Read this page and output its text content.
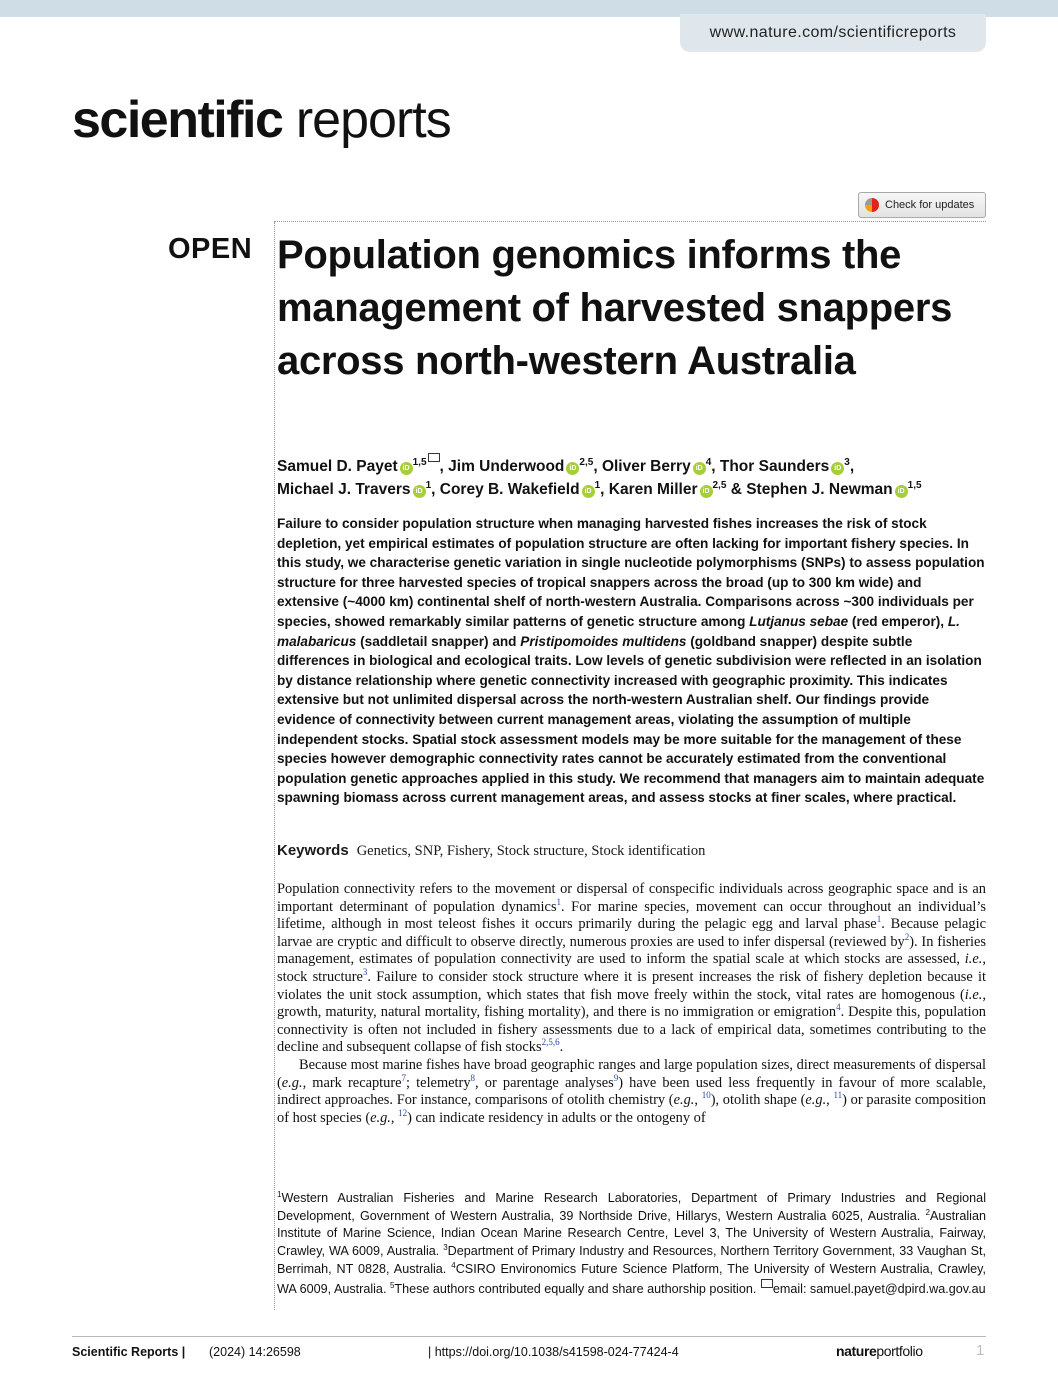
www.nature.com/scientificreports
scientific reports
Check for updates
OPEN Population genomics informs the management of harvested snappers across north-western Australia
Samuel D. Payet iD$^{1,5}$ , Jim Underwood iD$^{2,5}$, Oliver Berry $iD^4$, Thor Saunders $iD^3$,
Michael J. Travers $iD^1$, Corey B. Wakefield $iD^1$, Karen Miller iD$^{2,5}$ & Stephen J. Newman iD$^{1,5}$
Failure to consider population structure when managing harvested fishes increases the risk of stock depletion, yet empirical estimates of population structure are often lacking for important fishery species. In this study, we characterise genetic variation in single nucleotide polymorphisms (SNPs) to assess population structure for three harvested species of tropical snappers across the broad (up to 300 km wide) and extensive (~4000 km) continental shelf of north-western Australia. Comparisons across ~300 individuals per species, showed remarkably similar patterns of genetic structure among Lutjanus sebae (red emperor), L. malabaricus (saddletail snapper) and Pristipomoides multidens (goldband snapper) despite subtle differences in biological and ecological traits. Low levels of genetic subdivision were reflected in an isolation by distance relationship where genetic connectivity increased with geographic proximity. This indicates extensive but not unlimited dispersal across the north-western Australian shelf. Our findings provide evidence of connectivity between current management areas, violating the assumption of multiple independent stocks. Spatial stock assessment models may be more suitable for the management of these species however demographic connectivity rates cannot be accurately estimated from the conventional population genetic approaches applied in this study. We recommend that managers aim to maintain adequate spawning biomass across current management areas, and assess stocks at finer scales, where practical.
Keywords Genetics, SNP, Fishery, Stock structure, Stock identification

Population connectivity refers to the movement or dispersal of conspecific individuals across geographic space and is an important determinant of population dynamics$^1$. For marine species, movement can occur throughout an individual’s lifetime, although in most teleost fishes it occurs primarily during the pelagic egg and larval phase$^1$. Because pelagic larvae are cryptic and difficult to observe directly, numerous proxies are used to infer dispersal (reviewed $by^2$). In fisheries management, estimates of population connectivity are used to inform the spatial scale at which stocks are assessed, i.e., stock structure$^3$. Failure to consider stock structure where it is present increases the risk of fishery depletion because it violates the unit stock assumption, which states that fish move freely within the stock, vital rates are homogenous (i.e., growth, maturity, natural mortality, fishing mortality), and there is no immigration or emigration$^4$. Despite this, population connectivity is often not included in fishery assessments due to a lack of empirical data, sometimes contributing to the decline and subsequent collapse of fish stocks$^{2,5,6}$.

Because most marine fishes have broad geographic ranges and large population sizes, direct measurements of dispersal (e.g., mark recapture$^7$; telemetry$^8$, or parentage analyses$^9$) have been used less frequently in favour of more scalable, indirect approaches. For instance, comparisons of otolith chemistry (e.g., $^{10}$), otolith shape (e.g., $^{11}$) or parasite composition of host species (e.g., $^{12}$) can indicate residency in adults or the ontogeny of

$^1$Western Australian Fisheries and Marine Research Laboratories, Department of Primary Industries and Regional Development, Government of Western Australia, 39 Northside Drive, Hillarys, Western Australia 6025, Australia. $^2$Australian Institute of Marine Science, Indian Ocean Marine Research Centre, Level 3, The University of Western Australia, Fairway, Crawley, WA 6009, Australia. $^3$Department of Primary Industry and Resources, Northern Territory Government, 33 Vaughan St, Berrimah, NT 0828, Australia. $^4$CSIRO Environomics Future Science Platform, The University of Western Australia, Crawley, WA 6009, Australia. $^5$These authors contributed equally and share authorship position. email: samuel.payet@dpird.wa.gov.au
Scientific Reports | (2024) 14:26598	| https://doi.org/10.1038/s41598-024-77424-4	natureportfolio	1
